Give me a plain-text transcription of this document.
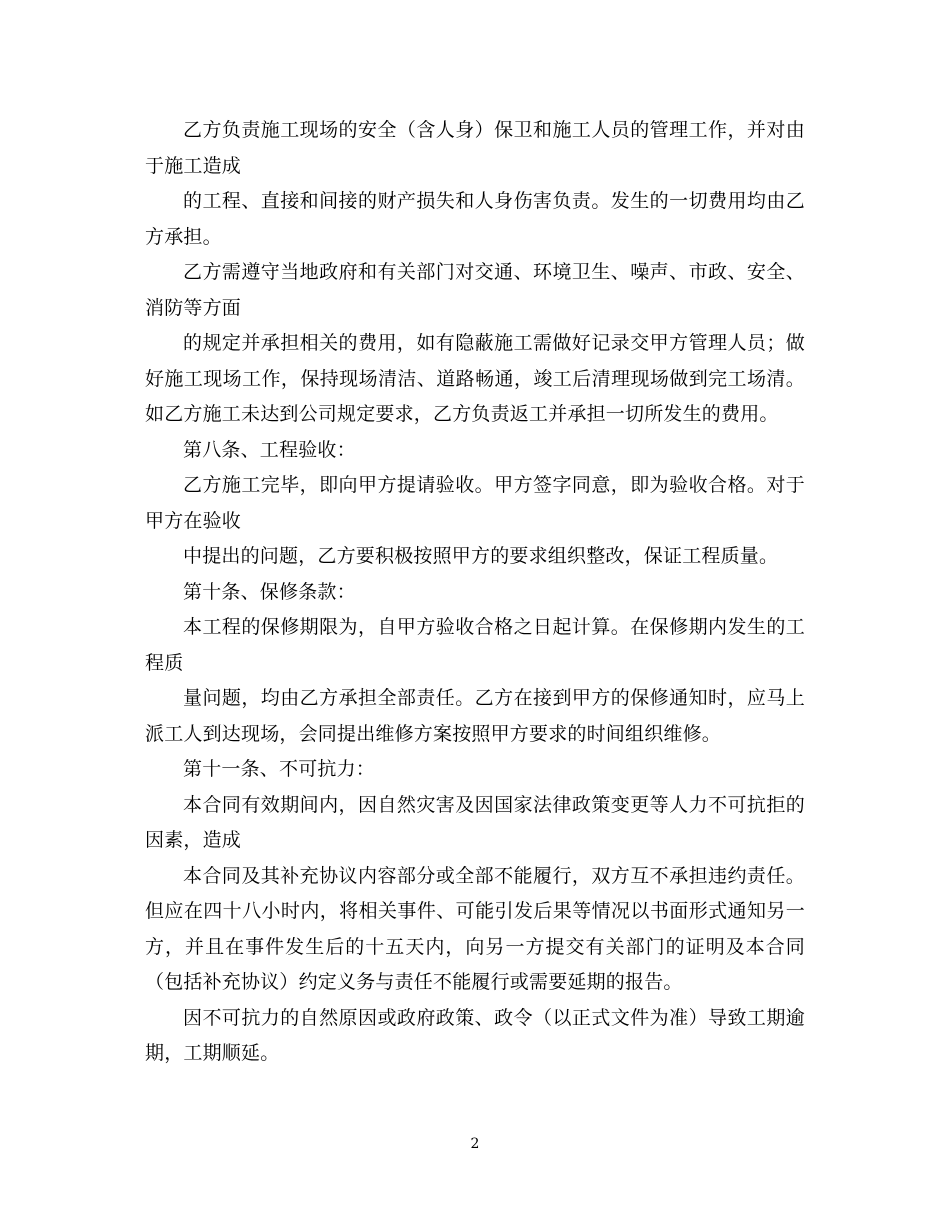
乙方负责施工现场的安全（含人身）保卫和施工人员的管理工作，并对由于施工造成

的工程、直接和间接的财产损失和人身伤害负责。发生的一切费用均由乙方承担。

乙方需遵守当地政府和有关部门对交通、环境卫生、噪声、市政、安全、消防等方面

的规定并承担相关的费用，如有隐蔽施工需做好记录交甲方管理人员；做好施工现场工作，保持现场清洁、道路畅通，竣工后清理现场做到完工场清。如乙方施工未达到公司规定要求，乙方负责返工并承担一切所发生的费用。

第八条、工程验收：

乙方施工完毕，即向甲方提请验收。甲方签字同意，即为验收合格。对于甲方在验收

中提出的问题，乙方要积极按照甲方的要求组织整改，保证工程质量。

第十条、保修条款：

本工程的保修期限为，自甲方验收合格之日起计算。在保修期内发生的工程质

量问题，均由乙方承担全部责任。乙方在接到甲方的保修通知时，应马上派工人到达现场，会同提出维修方案按照甲方要求的时间组织维修。

第十一条、不可抗力：

本合同有效期间内，因自然灾害及因国家法律政策变更等人力不可抗拒的因素，造成

本合同及其补充协议内容部分或全部不能履行，双方互不承担违约责任。但应在四十八小时内，将相关事件、可能引发后果等情况以书面形式通知另一方，并且在事件发生后的十五天内，向另一方提交有关部门的证明及本合同（包括补充协议）约定义务与责任不能履行或需要延期的报告。

因不可抗力的自然原因或政府政策、政令（以正式文件为准）导致工期逾期，工期顺延。

2
